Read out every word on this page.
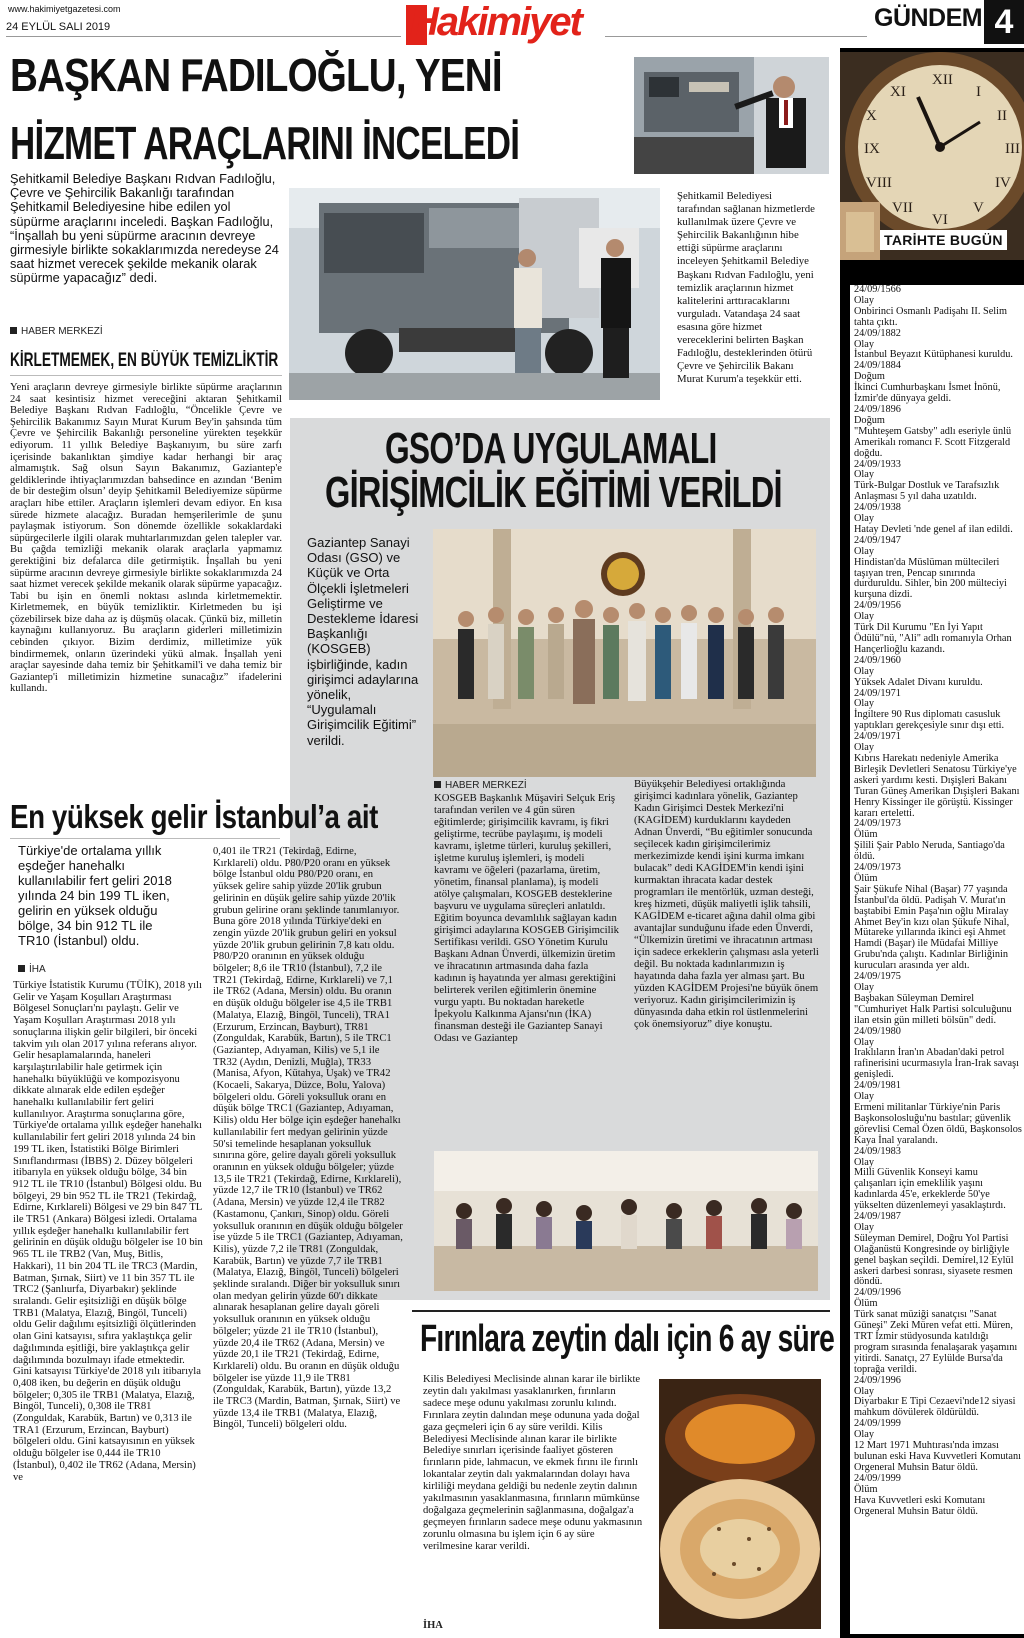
www.hakimiyetgazetesi.com
24 EYLÜL SALI 2019	Hakimiyet	GÜNDEM 4
BAŞKAN FADILOĞLU, YENİ
HİZMET ARAÇLARINI İNCELEDİ

Şehitkamil Belediye Başkanı Rıdvan Fadıloğlu, Çevre ve Şehircilik Bakanlığı tarafından Şehitkamil Belediyesine hibe edilen yol süpürme araçlarını inceledi. Başkan Fadıloğlu, “İnşallah bu yeni süpürme aracının devreye girmesiyle birlikte sokaklarımızda neredeyse 24 saat hizmet verecek şekilde mekanik olarak süpürme yapacağız” dedi.

HABER MERKEZİ
KİRLETMEMEK, EN BÜYÜK TEMİZLİKTİR

Yeni araçların devreye girmesiyle birlikte süpürme araçlarının 24 saat kesintisiz hizmet vereceğini aktaran Şehitkamil Belediye Başkanı Rıdvan Fadıloğlu, “Öncelikle Çevre ve Şehircilik Bakanımız Sayın Murat Kurum Bey'in şahsında tüm Çevre ve Şehircilik Bakanlığı personeline yürekten teşekkür ediyorum. 11 yıllık Belediye Başkanıyım, bu süre zarfı içerisinde bakanlıktan şimdiye kadar herhangi bir araç almamıştık. Sağ olsun Sayın Bakanımız, Gaziantep'e geldiklerinde ihtiyaçlarımızdan bahsedince en azından ‘Benim de bir desteğim olsun’ deyip Şehitkamil Belediyemize süpürme araçları hibe ettiler. Araçların işlemleri devam ediyor. En kısa sürede hizmete alacağız. Buradan hemşerilerimle de şunu paylaşmak istiyorum. Son dönemde özellikle sokaklardaki süpürgecilerle ilgili olarak muhtarlarımızdan gelen talepler var. Bu çağda temizliği mekanik olarak araçlarla yapmamız gerektiğini biz defalarca dile getirmiştik. İnşallah bu yeni süpürme aracının devreye girmesiyle birlikte sokaklarımızda 24 saat hizmet verecek şekilde mekanik olarak süpürme yapacağız. Tabi bu işin en önemli noktası aslında kirletmemektir. Kirletmemek, en büyük temizliktir. Kirletmeden bu işi çözebilirsek bize daha az iş düşmüş olacak. Çünkü biz, milletin kaynağını kullanıyoruz. Bu araçların giderleri milletimizin cebinden çıkıyor. Bizim derdimiz, milletimize yük bindirmemek, onların üzerindeki yükü almak. İnşallah yeni araçlar sayesinde daha temiz bir Şehitkamil'i ve daha temiz bir Gaziantep'i milletimizin hizmetine sunacağız” ifadelerini kullandı.

Şehitkamil Belediyesi tarafından sağlanan hizmetlerde kullanılmak üzere Çevre ve Şehircilik Bakanlığının hibe ettiği süpürme araçlarını inceleyen Şehitkamil Belediye Başkanı Rıdvan Fadıloğlu, yeni temizlik araçlarının hizmet kalitelerini arttıracaklarını vurguladı. Vatandaşa 24 saat esasına göre hizmet vereceklerini belirten Başkan Fadıloğlu, desteklerinden ötürü Çevre ve Şehircilik Bakanı Murat Kurum'a teşekkür etti.

GSO’DA UYGULAMALI
GİRİŞİMCİLİK EĞİTİMİ VERİLDİ

Gaziantep Sanayi Odası (GSO) ve Küçük ve Orta Ölçekli İşletmeleri Geliştirme ve Destekleme İdaresi Başkanlığı (KOSGEB) işbirliğinde, kadın girişimci adaylarına yönelik, “Uygulamalı Girişimcilik Eğitimi” verildi.

HABER MERKEZİ

KOSGEB Başkanlık Müşaviri Selçuk Eriş tarafından verilen ve 4 gün süren eğitimlerde; girişimcilik kavramı, iş fikri geliştirme, tecrübe paylaşımı, iş modeli kavramı, işletme türleri, kuruluş şekilleri, işletme kuruluş işlemleri, iş modeli kavramı ve öğeleri (pazarlama, üretim, yönetim, finansal planlama), iş modeli atölye çalışmaları, KOSGEB desteklerine başvuru ve uygulama süreçleri anlatıldı. Eğitim boyunca devamlılık sağlayan kadın girişimci adaylarına KOSGEB Girişimcilik Sertifikası verildi. GSO Yönetim Kurulu Başkanı Adnan Ünverdi, ülkemizin üretim ve ihracatının artmasında daha fazla kadının iş hayatında yer alması gerektiğini belirterek verilen eğitimlerin önemine vurgu yaptı. Bu noktadan hareketle İpekyolu Kalkınma Ajansı'nın (İKA) finansman desteği ile Gaziantep Sanayi Odası ve Gaziantep

Büyükşehir Belediyesi ortaklığında girişimci kadınlara yönelik, Gaziantep Kadın Girişimci Destek Merkezi'ni (KAGİDEM) kurduklarını kaydeden Adnan Ünverdi, “Bu eğitimler sonucunda seçilecek kadın girişimcilerimiz merkezimizde kendi işini kurma imkanı bulacak” dedi KAGİDEM'in kendi işini kurmaktan ihracata kadar destek programları ile mentörlük, uzman desteği, kreş hizmeti, düşük maliyetli işlik tahsili, KAGİDEM e-ticaret ağına dahil olma gibi avantajlar sunduğunu ifade eden Ünverdi, “Ülkemizin üretimi ve ihracatının artması için sadece erkeklerin çalışması asla yeterli değil. Bu noktada kadınlarımızın iş hayatında daha fazla yer alması şart. Bu yüzden KAGİDEM Projesi'ne büyük önem veriyoruz. Kadın girişimcilerimizin iş dünyasında daha etkin rol üstlenmelerini çok önemsiyoruz” diye konuştu.

En yüksek gelir İstanbul’a ait

Türkiye'de ortalama yıllık eşdeğer hanehalkı kullanılabilir fert geliri 2018 yılında 24 bin 199 TL iken, gelirin en yüksek olduğu bölge, 34 bin 912 TL ile TR10 (İstanbul) oldu.

İHA

Türkiye İstatistik Kurumu (TÜİK), 2018 yılı Gelir ve Yaşam Koşulları Araştırması Bölgesel Sonuçları'nı paylaştı. Gelir ve Yaşam Koşulları Araştırması 2018 yılı sonuçlarına ilişkin gelir bilgileri, bir önceki takvim yılı olan 2017 yılına referans alıyor. Gelir hesaplamalarında, haneleri karşılaştırılabilir hale getirmek için hanehalkı büyüklüğü ve kompozisyonu dikkate alınarak elde edilen eşdeğer hanehalkı kullanılabilir fert geliri kullanılıyor. Araştırma sonuçlarına göre, Türkiye'de ortalama yıllık eşdeğer hanehalkı kullanılabilir fert geliri 2018 yılında 24 bin 199 TL iken, İstatistiki Bölge Birimleri Sınıflandırması (İBBS) 2. Düzey bölgeleri itibarıyla en yüksek olduğu bölge, 34 bin 912 TL ile TR10 (İstanbul) Bölgesi oldu. Bu bölgeyi, 29 bin 952 TL ile TR21 (Tekirdağ, Edirne, Kırklareli) Bölgesi ve 29 bin 847 TL ile TR51 (Ankara) Bölgesi izledi. Ortalama yıllık eşdeğer hanehalkı kullanılabilir fert gelirinin en düşük olduğu bölgeler ise 10 bin 965 TL ile TRB2 (Van, Muş, Bitlis, Hakkari), 11 bin 204 TL ile TRC3 (Mardin, Batman, Şırnak, Siirt) ve 11 bin 357 TL ile TRC2 (Şanlıurfa, Diyarbakır) şeklinde sıralandı. Gelir eşitsizliği en düşük bölge TRB1 (Malatya, Elazığ, Bingöl, Tunceli) oldu Gelir dağılımı eşitsizliği ölçütlerinden olan Gini katsayısı, sıfıra yaklaştıkça gelir dağılımında eşitliği, bire yaklaştıkça gelir dağılımında bozulmayı ifade etmektedir. Gini katsayısı Türkiye'de 2018 yılı itibarıyla 0,408 iken, bu değerin en düşük olduğu bölgeler; 0,305 ile TRB1 (Malatya, Elazığ, Bingöl, Tunceli), 0,308 ile TR81 (Zonguldak, Karabük, Bartın) ve 0,313 ile TRA1 (Erzurum, Erzincan, Bayburt) bölgeleri oldu. Gini katsayısının en yüksek olduğu bölgeler ise 0,444 ile TR10 (İstanbul), 0,402 ile TR62 (Adana, Mersin) ve

0,401 ile TR21 (Tekirdağ, Edirne, Kırklareli) oldu. P80/P20 oranı en yüksek bölge İstanbul oldu P80/P20 oranı, en yüksek gelire sahip yüzde 20'lik grubun gelirinin en düşük gelire sahip yüzde 20'lik grubun gelirine oranı şeklinde tanımlanıyor. Buna göre 2018 yılında Türkiye'deki en zengin yüzde 20'lik grubun geliri en yoksul yüzde 20'lik grubun gelirinin 7,8 katı oldu. P80/P20 oranının en yüksek olduğu bölgeler; 8,6 ile TR10 (İstanbul), 7,2 ile TR21 (Tekirdağ, Edirne, Kırklareli) ve 7,1 ile TR62 (Adana, Mersin) oldu. Bu oranın en düşük olduğu bölgeler ise 4,5 ile TRB1 (Malatya, Elazığ, Bingöl, Tunceli), TRA1 (Erzurum, Erzincan, Bayburt), TR81 (Zonguldak, Karabük, Bartın), 5 ile TRC1 (Gaziantep, Adıyaman, Kilis) ve 5,1 ile TR32 (Aydın, Denizli, Muğla), TR33 (Manisa, Afyon, Kütahya, Uşak) ve TR42 (Kocaeli, Sakarya, Düzce, Bolu, Yalova) bölgeleri oldu. Göreli yoksulluk oranı en düşük bölge TRC1 (Gaziantep, Adıyaman, Kilis) oldu Her bölge için eşdeğer hanehalkı kullanılabilir fert medyan gelirinin yüzde 50'si temelinde hesaplanan yoksulluk sınırına göre, gelire dayalı göreli yoksulluk oranının en yüksek olduğu bölgeler; yüzde 13,5 ile TR21 (Tekirdağ, Edirne, Kırklareli), yüzde 12,7 ile TR10 (İstanbul) ve TR62 (Adana, Mersin) ve yüzde 12,4 ile TR82 (Kastamonu, Çankırı, Sinop) oldu. Göreli yoksulluk oranının en düşük olduğu bölgeler ise yüzde 5 ile TRC1 (Gaziantep, Adıyaman, Kilis), yüzde 7,2 ile TR81 (Zonguldak, Karabük, Bartın) ve yüzde 7,7 ile TRB1 (Malatya, Elazığ, Bingöl, Tunceli) bölgeleri şeklinde sıralandı. Diğer bir yoksulluk sınırı olan medyan gelirin yüzde 60'ı dikkate alınarak hesaplanan gelire dayalı göreli yoksulluk oranının en yüksek olduğu bölgeler; yüzde 21 ile TR10 (İstanbul), yüzde 20,4 ile TR62 (Adana, Mersin) ve yüzde 20,1 ile TR21 (Tekirdağ, Edirne, Kırklareli) oldu. Bu oranın en düşük olduğu bölgeler ise yüzde 11,9 ile TR81 (Zonguldak, Karabük, Bartın), yüzde 13,2 ile TRC3 (Mardin, Batman, Şırnak, Siirt) ve yüzde 13,4 ile TRB1 (Malatya, Elazığ, Bingöl, Tunceli) bölgeleri oldu.

Fırınlara zeytin dalı için 6 ay süre

Kilis Belediyesi Meclisinde alınan karar ile birlikte zeytin dalı yakılması yasaklanırken, fırınların sadece meşe odunu yakılması zorunlu kılındı. Fırınlara zeytin dalından meşe odununa yada doğal gaza geçmeleri için 6 ay süre verildi. Kilis Belediyesi Meclisinde alınan karar ile birlikte Belediye sınırları içerisinde faaliyet gösteren fırınların pide, lahmacun, ve ekmek fırını ile fırınlı lokantalar zeytin dalı yakmalarından dolayı hava kirliliği meydana geldiği bu nedenle zeytin dalının yakılmasının yasaklanmasına, fırınların mümkünse doğalgaza geçmelerinin sağlanmasına, doğalgaz'a geçmeyen fırınların sadece meşe odunu yakmasının zorunlu olmasına bu işlem için 6 ay süre verilmesine karar verildi.

İHA
XII
III
VI
IX
I
II
IV
V
VII
VIII
X
XI
TARİHTE BUGÜN
24/09/1566
Olay
Onbirinci Osmanlı Padişahı II. Selim tahta çıktı.
24/09/1882
Olay
İstanbul Beyazıt Kütüphanesi kuruldu.
24/09/1884
Doğum
İkinci Cumhurbaşkanı İsmet İnönü, İzmir'de dünyaya geldi.
24/09/1896
Doğum
"Muhteşem Gatsby" adlı eseriyle ünlü Amerikalı romancı F. Scott Fitzgerald doğdu.
24/09/1933
Olay
Türk-Bulgar Dostluk ve Tarafsızlık Anlaşması 5 yıl daha uzatıldı.
24/09/1938
Olay
Hatay Devleti 'nde genel af ilan edildi.
24/09/1947
Olay
Hindistan'da Müslüman mültecileri taşıyan tren, Pencap sınırında durduruldu. Sihler, bin 200 mülteciyi kurşuna dizdi.
24/09/1956
Olay
Türk Dil Kurumu "En İyi Yapıt Ödülü"nü, "Ali" adlı romanıyla Orhan Hançerlioğlu kazandı.
24/09/1960
Olay
Yüksek Adalet Divanı kuruldu.
24/09/1971
Olay
İngiltere 90 Rus diplomatı casusluk yaptıkları gerekçesiyle sınır dışı etti.
24/09/1971
Olay
Kıbrıs Harekatı nedeniyle Amerika Birleşik Devletleri Senatosu Türkiye'ye askeri yardımı kesti. Dışişleri Bakanı Turan Güneş Amerikan Dışişleri Bakanı Henry Kissinger ile görüştü. Kissinger kararı erteletti.
24/09/1973
Ölüm
Şilili Şair Pablo Neruda, Santiago'da öldü.
24/09/1973
Ölüm
Şair Şükufe Nihal (Başar) 77 yaşında İstanbul'da öldü. Padişah V. Murat'ın baştabibi Emin Paşa'nın oğlu Miralay Ahmet Bey'in kızı olan Şükufe Nihal, Mütareke yıllarında ikinci eşi Ahmet Hamdi (Başar) ile Müdafai Milliye Grubu'nda çalıştı. Kadınlar Birliğinin kurucuları arasında yer aldı.
24/09/1975
Olay
Başbakan Süleyman Demirel "Cumhuriyet Halk Partisi solculuğunu ilan etsin gün milleti bölsün" dedi.
24/09/1980
Olay
Iraklıların İran'ın Abadan'daki petrol rafinerisini ucurmasıyla İran-Irak savaşı genişledi.
24/09/1981
Olay
Ermeni militanlar Türkiye'nin Paris Başkonsolosluğu'nu bastılar; güvenlik görevlisi Cemal Özen öldü, Başkonsolos Kaya İnal yaralandı.
24/09/1983
Olay
Milli Güvenlik Konseyi kamu çalışanları için emeklilik yaşını kadınlarda 45'e, erkeklerde 50'ye yükselten düzenlemeyi yasaklaştırdı.
24/09/1987
Olay
Süleyman Demirel, Doğru Yol Partisi Olağanüstü Kongresinde oy birliğiyle genel başkan seçildi. Demirel,12 Eylül askeri darbesi sonrası, siyasete resmen döndü.
24/09/1996
Ölüm
Türk sanat müziği sanatçısı "Sanat Güneşi" Zeki Müren vefat etti. Müren, TRT İzmir stüdyosunda katıldığı program sırasında fenalaşarak yaşamını yitirdi. Sanatçı, 27 Eylülde Bursa'da toprağa verildi.
24/09/1996
Olay
Diyarbakır E Tipi Cezaevi'nde12 siyasi mahkum dövülerek öldürüldü.
24/09/1999
Olay
12 Mart 1971 Muhtırası'nda imzası bulunan eski Hava Kuvvetleri Komutanı Orgeneral Muhsin Batur öldü.
24/09/1999
Ölüm
Hava Kuvvetleri eski Komutanı Orgeneral Muhsin Batur öldü.
